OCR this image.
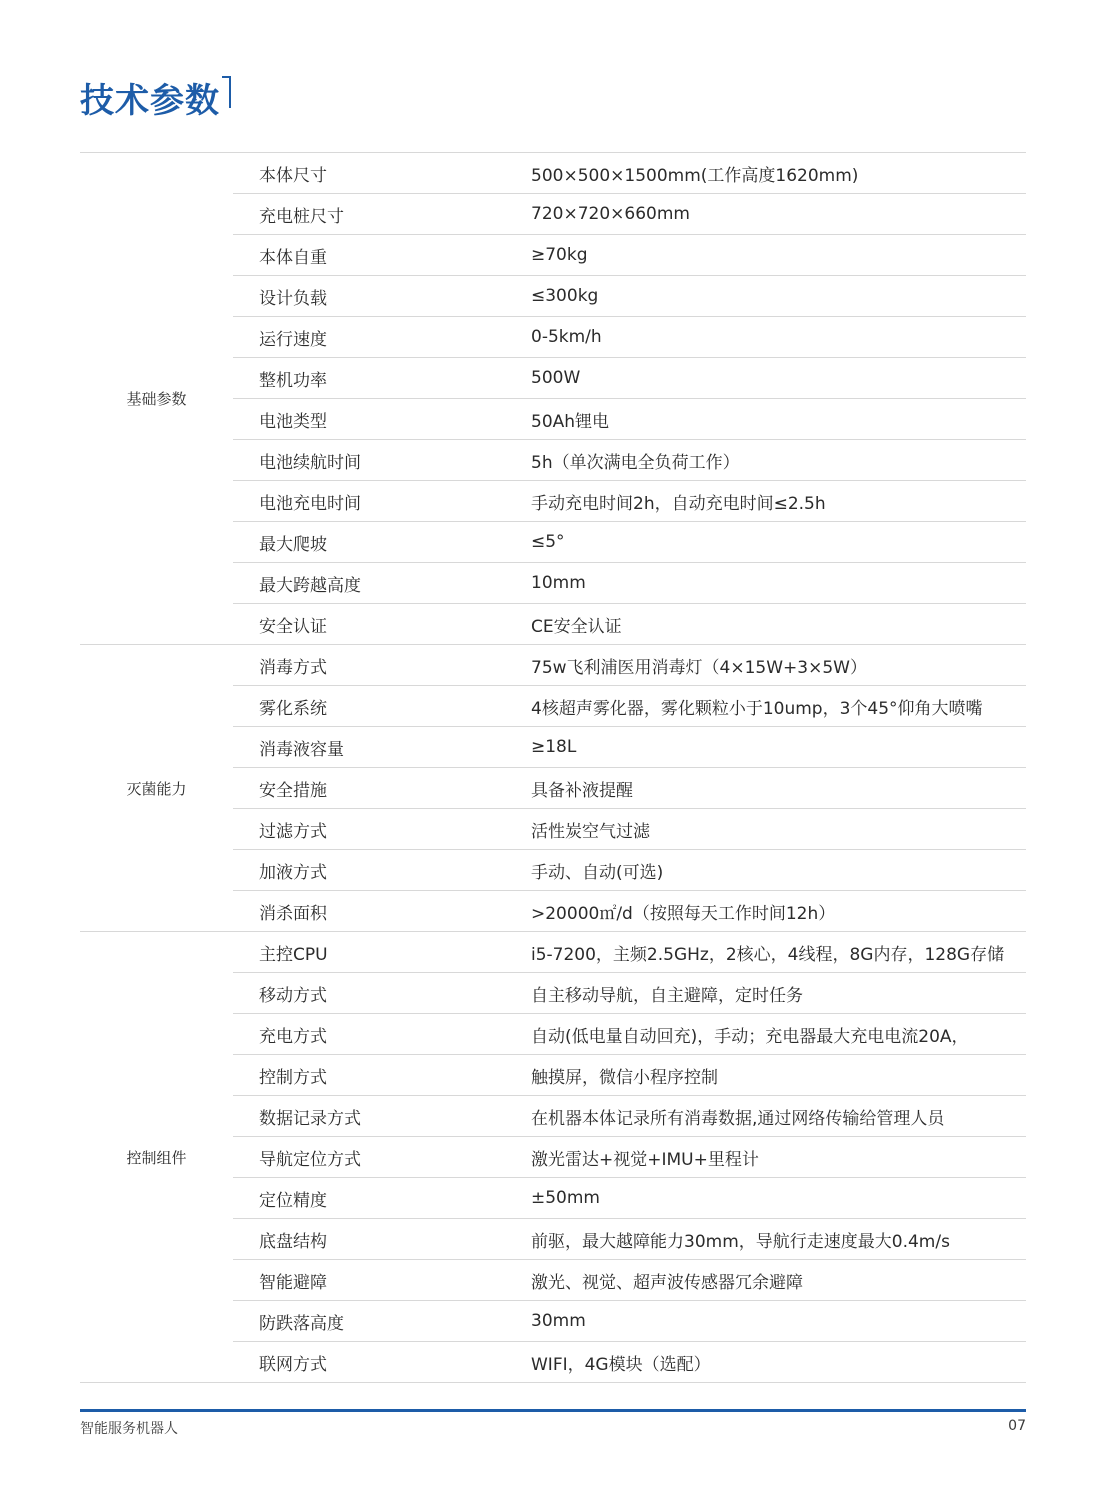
技术参数
基础参数
本体尺寸	500×500×1500mm(工作高度1620mm)
充电桩尺寸	720×720×660mm
本体自重	≥70kg
设计负载	≤300kg
运行速度	0-5km/h
整机功率	500W
电池类型	50Ah锂电
电池续航时间	5h（单次满电全负荷工作）
电池充电时间	手动充电时间2h，自动充电时间≤2.5h
最大爬坡	≤5°
最大跨越高度	10mm
安全认证	CE安全认证
灭菌能力
消毒方式	75w飞利浦医用消毒灯（4×15W+3×5W）
雾化系统	4核超声雾化器，雾化颗粒小于10ump，3个45°仰角大喷嘴
消毒液容量	≥18L
安全措施	具备补液提醒
过滤方式	活性炭空气过滤
加液方式	手动、自动(可选)
消杀面积	>20000㎡/d（按照每天工作时间12h）
控制组件
主控CPU	i5-7200，主频2.5GHz，2核心，4线程，8G内存，128G存储
移动方式	自主移动导航，自主避障，定时任务
充电方式	自动(低电量自动回充)，手动；充电器最大充电电流20A，
控制方式	触摸屏，微信小程序控制
数据记录方式	在机器本体记录所有消毒数据,通过网络传输给管理人员
导航定位方式	激光雷达+视觉+IMU+里程计
定位精度	±50mm
底盘结构	前驱，最大越障能力30mm，导航行走速度最大0.4m/s
智能避障	激光、视觉、超声波传感器冗余避障
防跌落高度	30mm
联网方式	WIFI，4G模块（选配）
智能服务机器人	07
